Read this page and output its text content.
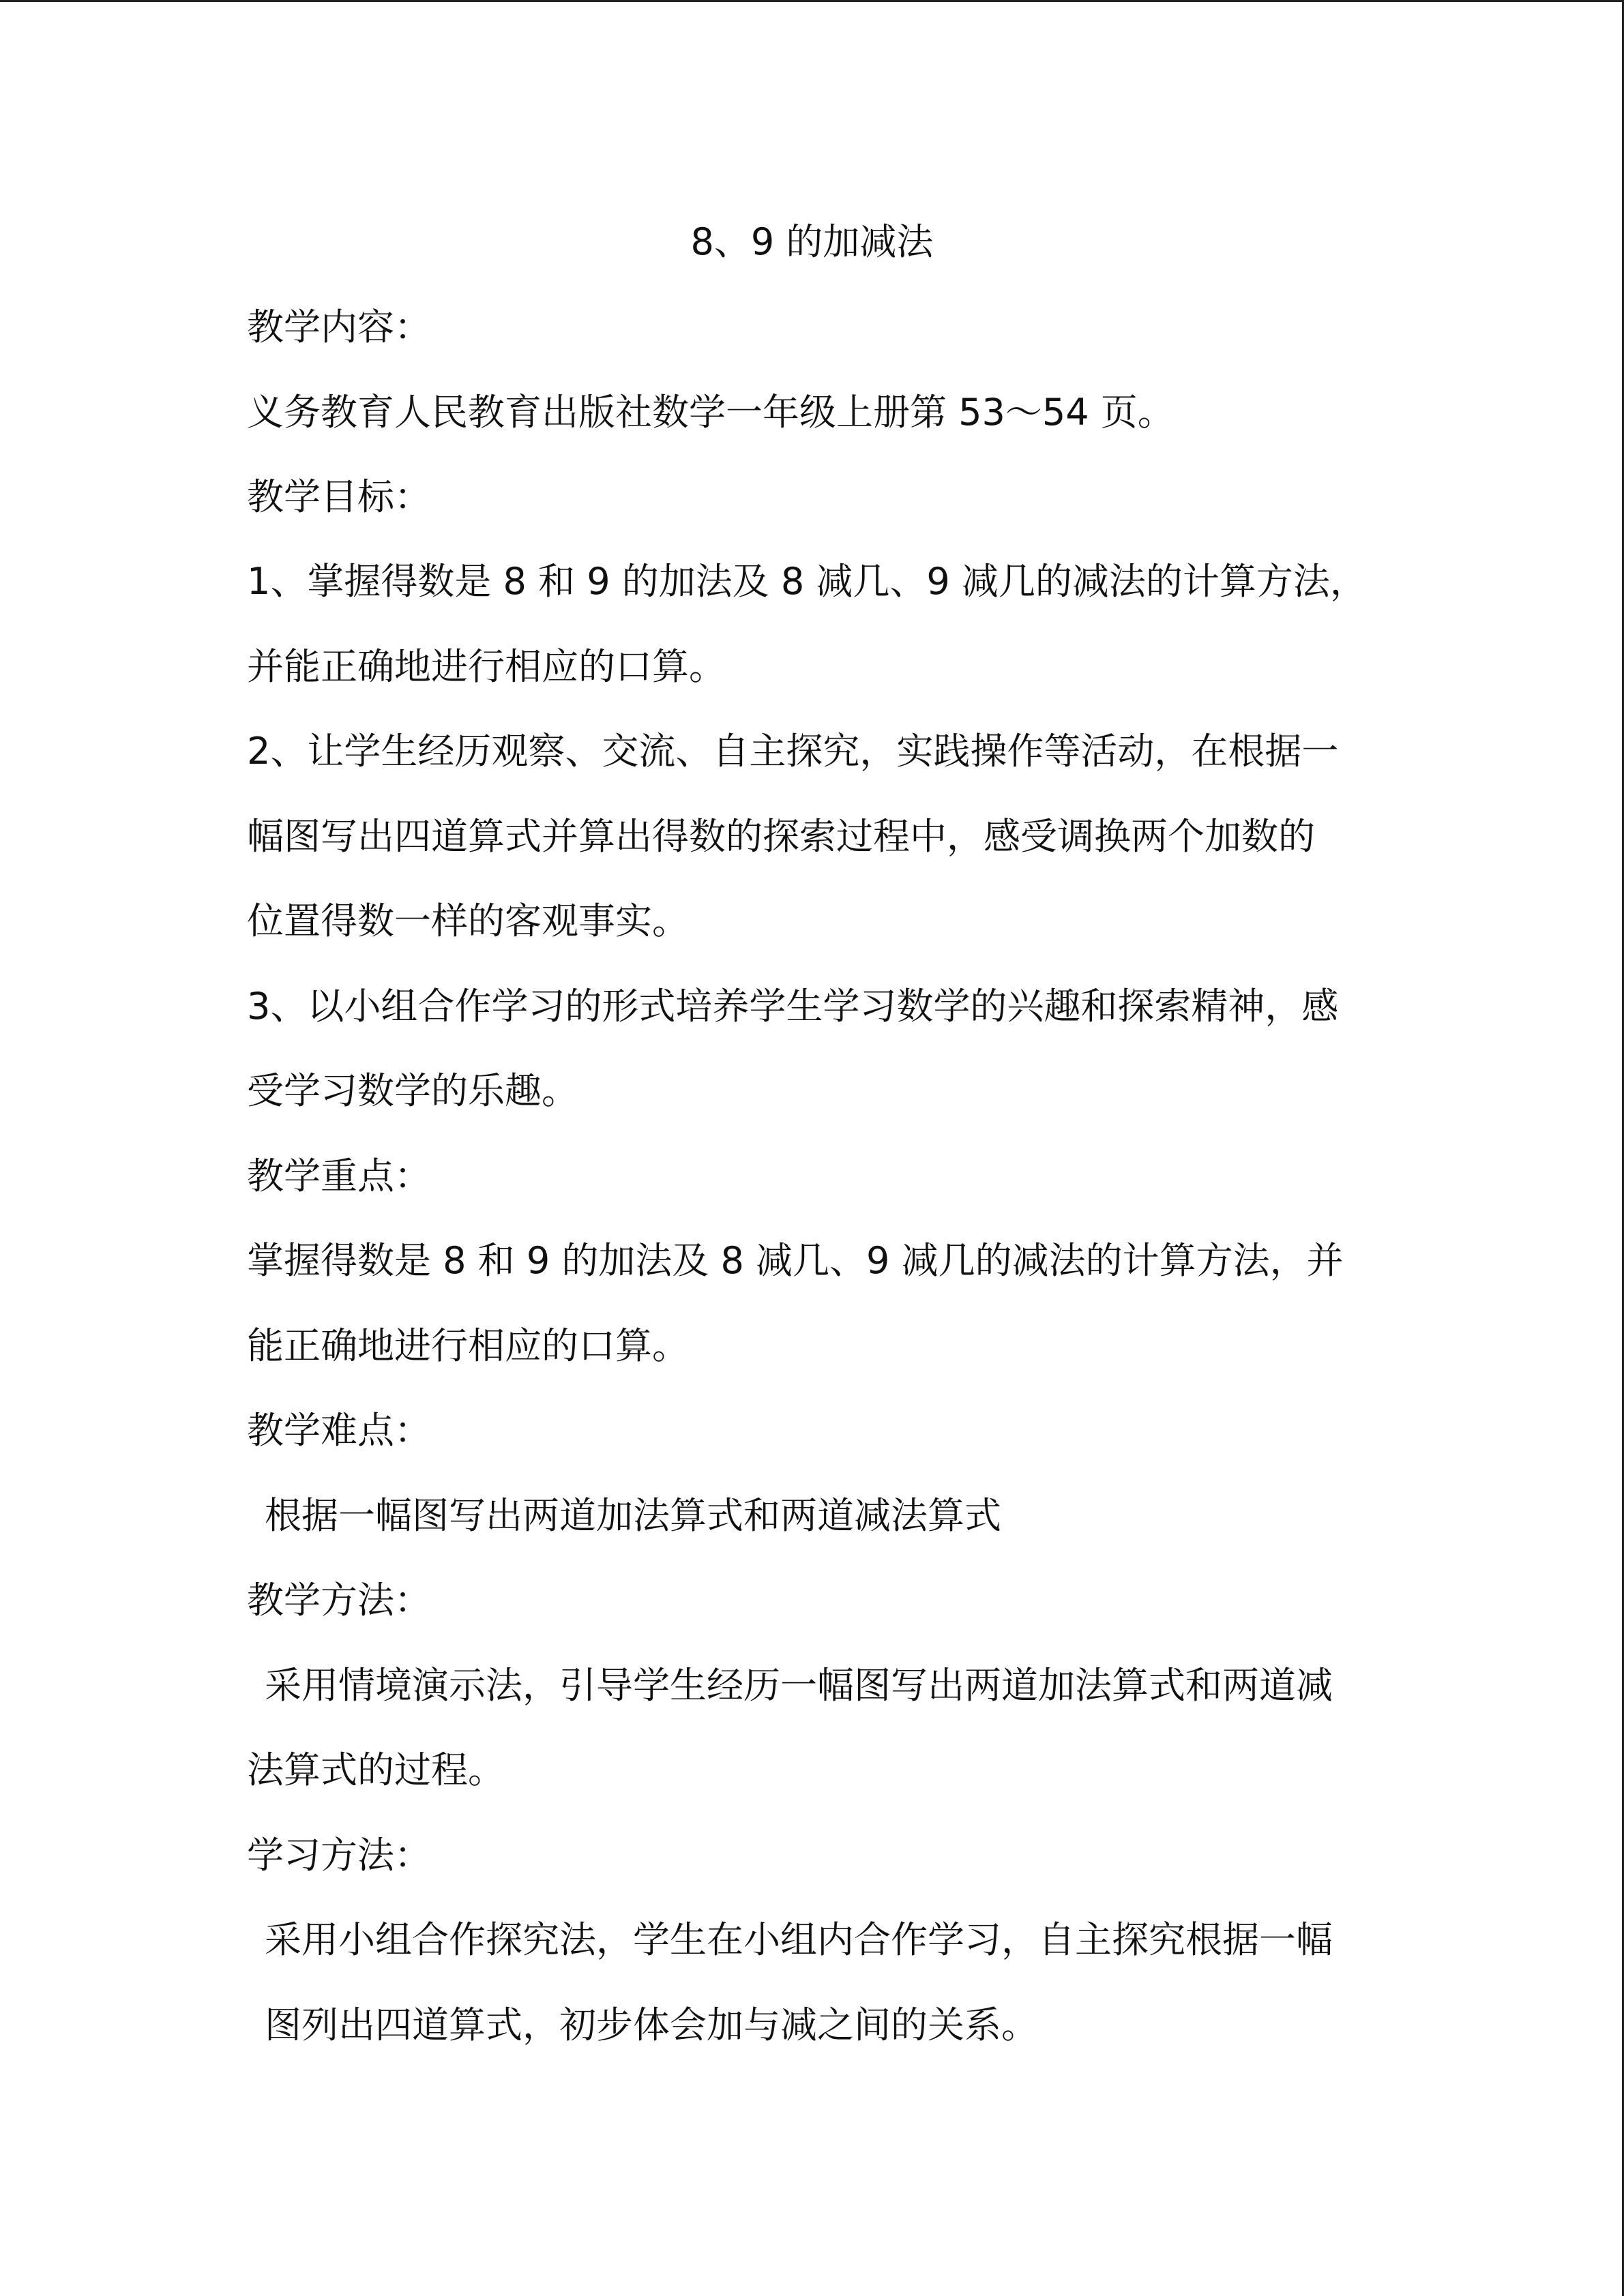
8、9 的加减法
教学内容：
义务教育人民教育出版社数学一年级上册第 53～54 页。
教学目标：
1、掌握得数是 8 和 9 的加法及 8 减几、9 减几的减法的计算方法，
并能正确地进行相应的口算。
2、让学生经历观察、交流、自主探究，实践操作等活动，在根据一
幅图写出四道算式并算出得数的探索过程中，感受调换两个加数的
位置得数一样的客观事实。
3、以小组合作学习的形式培养学生学习数学的兴趣和探索精神，感
受学习数学的乐趣。
教学重点：
掌握得数是 8 和 9 的加法及 8 减几、9 减几的减法的计算方法，并
能正确地进行相应的口算。
教学难点：
根据一幅图写出两道加法算式和两道减法算式
教学方法：
采用情境演示法，引导学生经历一幅图写出两道加法算式和两道减
法算式的过程。
学习方法：
采用小组合作探究法，学生在小组内合作学习，自主探究根据一幅
图列出四道算式，初步体会加与减之间的关系。
